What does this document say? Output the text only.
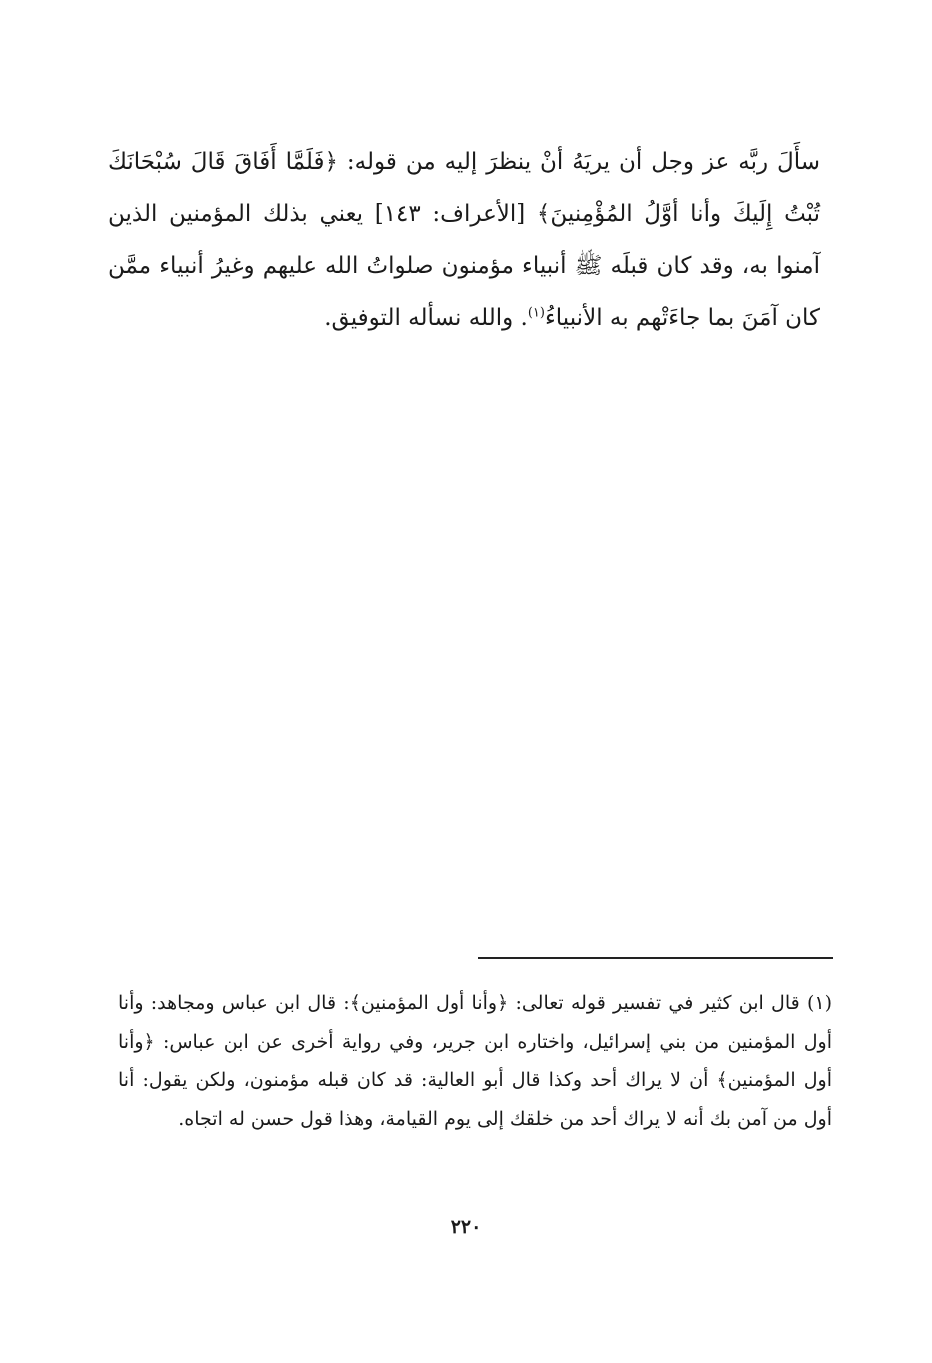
سأَلَ ربَّه عز وجل أن يريَهُ أنْ ينظرَ إليه من قوله: ﴿فَلَمَّا أَفَاقَ قَالَ سُبْحَانَكَ تُبْتُ إِلَيكَ وأنا أوَّلُ المُؤْمِنينَ﴾ [الأعراف: ١٤٣] يعني بذلك المؤمنين الذين آمنوا به، وقد كان قبلَه ﷺ أنبياء مؤمنون صلواتُ الله عليهم وغيرُ أنبياء ممَّن كان آمَنَ بما جاءَتْهم به الأنبياءُ$^{(١)}$. والله نسأله التوفيق.

(١) قال ابن كثير في تفسير قوله تعالى: ﴿وأنا أول المؤمنين﴾: قال ابن عباس ومجاهد: وأنا أول المؤمنين من بني إسرائيل، واختاره ابن جرير، وفي رواية أخرى عن ابن عباس: ﴿وأنا أول المؤمنين﴾ أن لا يراك أحد وكذا قال أبو العالية: قد كان قبله مؤمنون، ولكن يقول: أنا أول من آمن بك أنه لا يراك أحد من خلقك إلى يوم القيامة، وهذا قول حسن له اتجاه.

٢٢٠
